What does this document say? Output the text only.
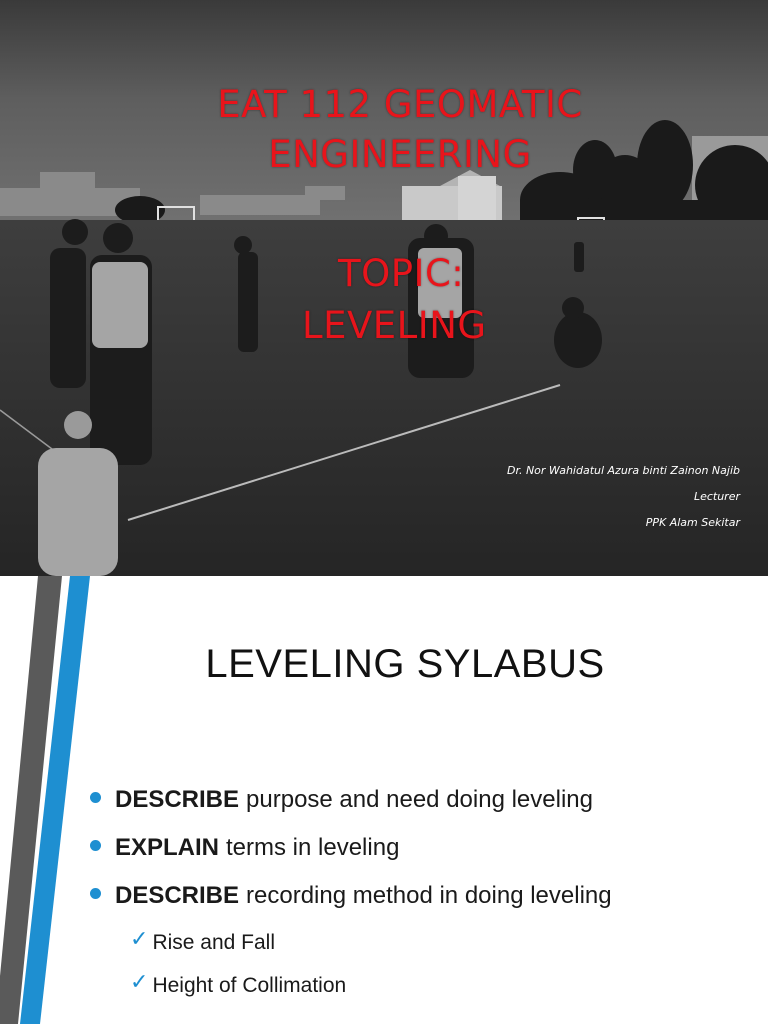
EAT 112 GEOMATIC
ENGINEERING
TOPIC:
LEVELING
Dr. Nor Wahidatul Azura binti Zainon Najib
Lecturer
PPK Alam Sekitar
LEVELING SYLABUS
DESCRIBE purpose and need doing leveling
EXPLAIN terms in leveling
DESCRIBE recording method in doing leveling
✓ Rise and Fall
✓ Height of Collimation
